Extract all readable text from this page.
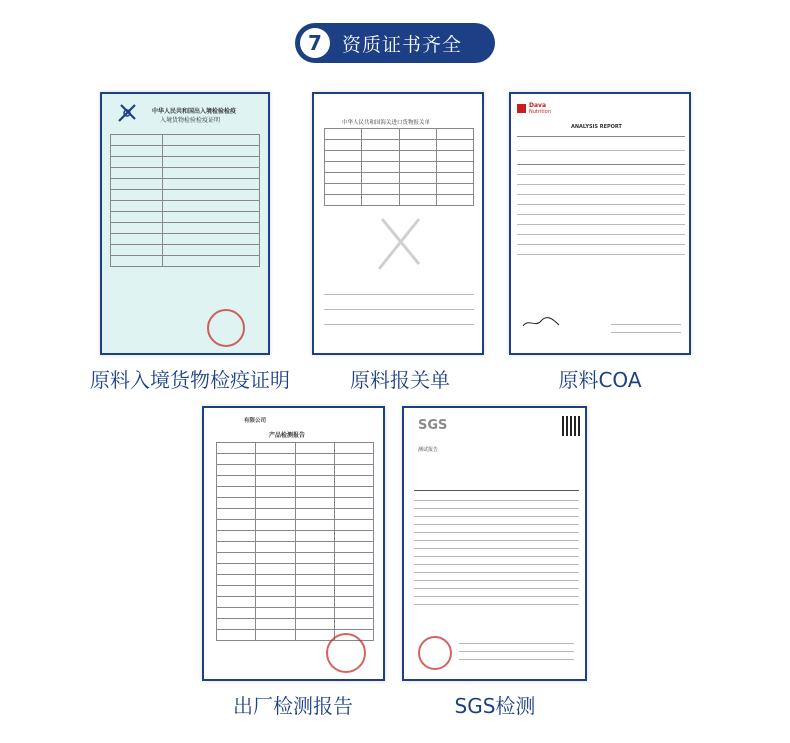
7	资质证书齐全
中华人民共和国出入境检验检疫
入境货物检验检疫证明

原料入境货物检疫证明
中华人民共和国海关进口货物报关单

原料报关单
Dava
Nutrition
ANALYSIS REPORT
原料COA
有限公司
产品检测报告

出厂检测报告
SGS
测试报告
SGS检测
